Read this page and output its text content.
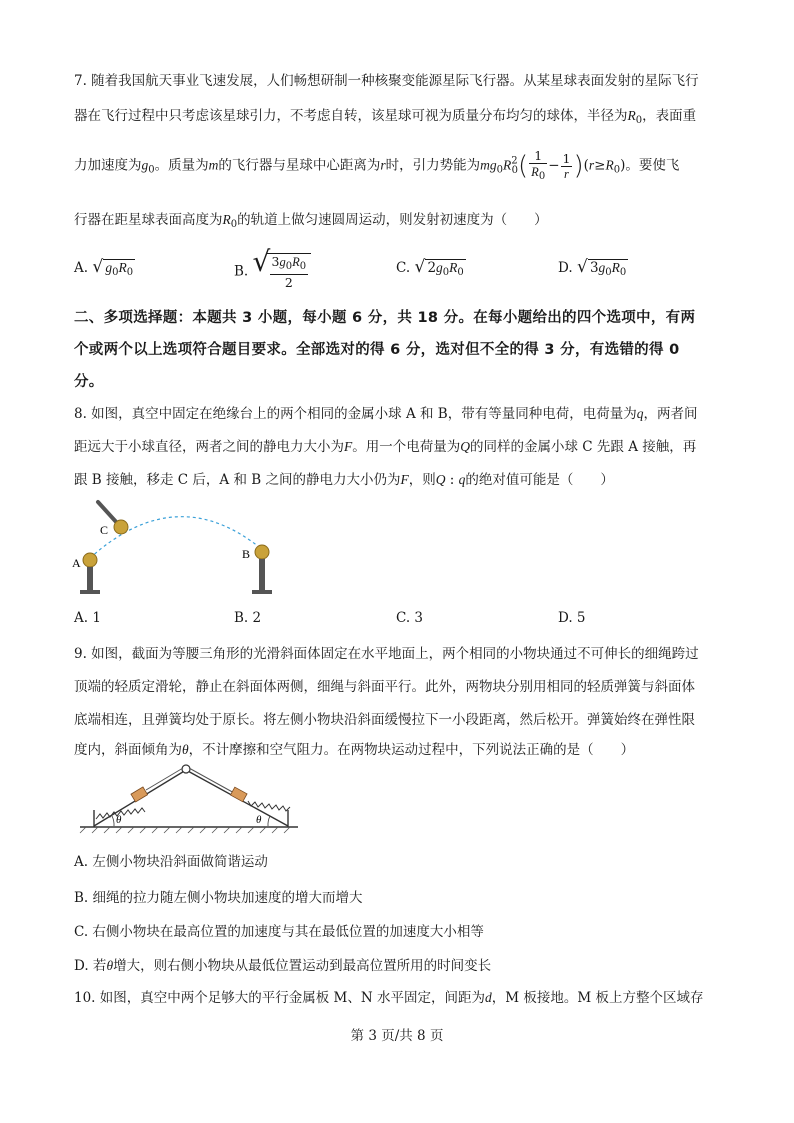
7. 随着我国航天事业飞速发展，人们畅想研制一种核聚变能源星际飞行器。从某星球表面发射的星际飞行
器在飞行过程中只考虑该星球引力，不考虑自转，该星球可视为质量分布均匀的球体，半径为$R_0$，表面重
力加速度为$g_0$。质量为m的飞行器与星球中心距离为r时，引力势能为$mg_0R^2_0( \frac{1}{R_0} - \frac{1}{r} )(r\ge R_0)$。要使飞
行器在距星球表面高度为$R_0$的轨道上做匀速圆周运动，则发射初速度为（　　）
A. √ $g_0R_0$	B. √ $\frac{3g_0R_0}{2}$	C. √ $2g_0R_0$	D. √ $3g_0R_0$
二、多项选择题：本题共 3 小题，每小题 6 分，共 18 分。在每小题给出的四个选项中，有两
个或两个以上选项符合题目要求。全部选对的得 6 分，选对但不全的得 3 分，有选错的得 0
分。
8. 如图，真空中固定在绝缘台上的两个相同的金属小球 A 和 B，带有等量同种电荷，电荷量为q，两者间
距远大于小球直径，两者之间的静电力大小为F。用一个电荷量为Q的同样的金属小球 C 先跟 A 接触，再
跟 B 接触，移走 C 后，A 和 B 之间的静电力大小仍为F，则Q : q的绝对值可能是（　　）
C
A
B
A. 1	B. 2	C. 3	D. 5
9. 如图，截面为等腰三角形的光滑斜面体固定在水平地面上，两个相同的小物块通过不可伸长的细绳跨过
顶端的轻质定滑轮，静止在斜面体两侧，细绳与斜面平行。此外，两物块分别用相同的轻质弹簧与斜面体
底端相连，且弹簧均处于原长。将左侧小物块沿斜面缓慢拉下一小段距离，然后松开。弹簧始终在弹性限
度内，斜面倾角为θ，不计摩擦和空气阻力。在两物块运动过程中，下列说法正确的是（　　）
θ	θ
A. 左侧小物块沿斜面做简谐运动
B. 细绳的拉力随左侧小物块加速度的增大而增大
C. 右侧小物块在最高位置的加速度与其在最低位置的加速度大小相等
D. 若θ增大，则右侧小物块从最低位置运动到最高位置所用的时间变长
10. 如图，真空中两个足够大的平行金属板 M、N 水平固定，间距为d，M 板接地。M 板上方整个区域存
第 3 页/共 8 页
